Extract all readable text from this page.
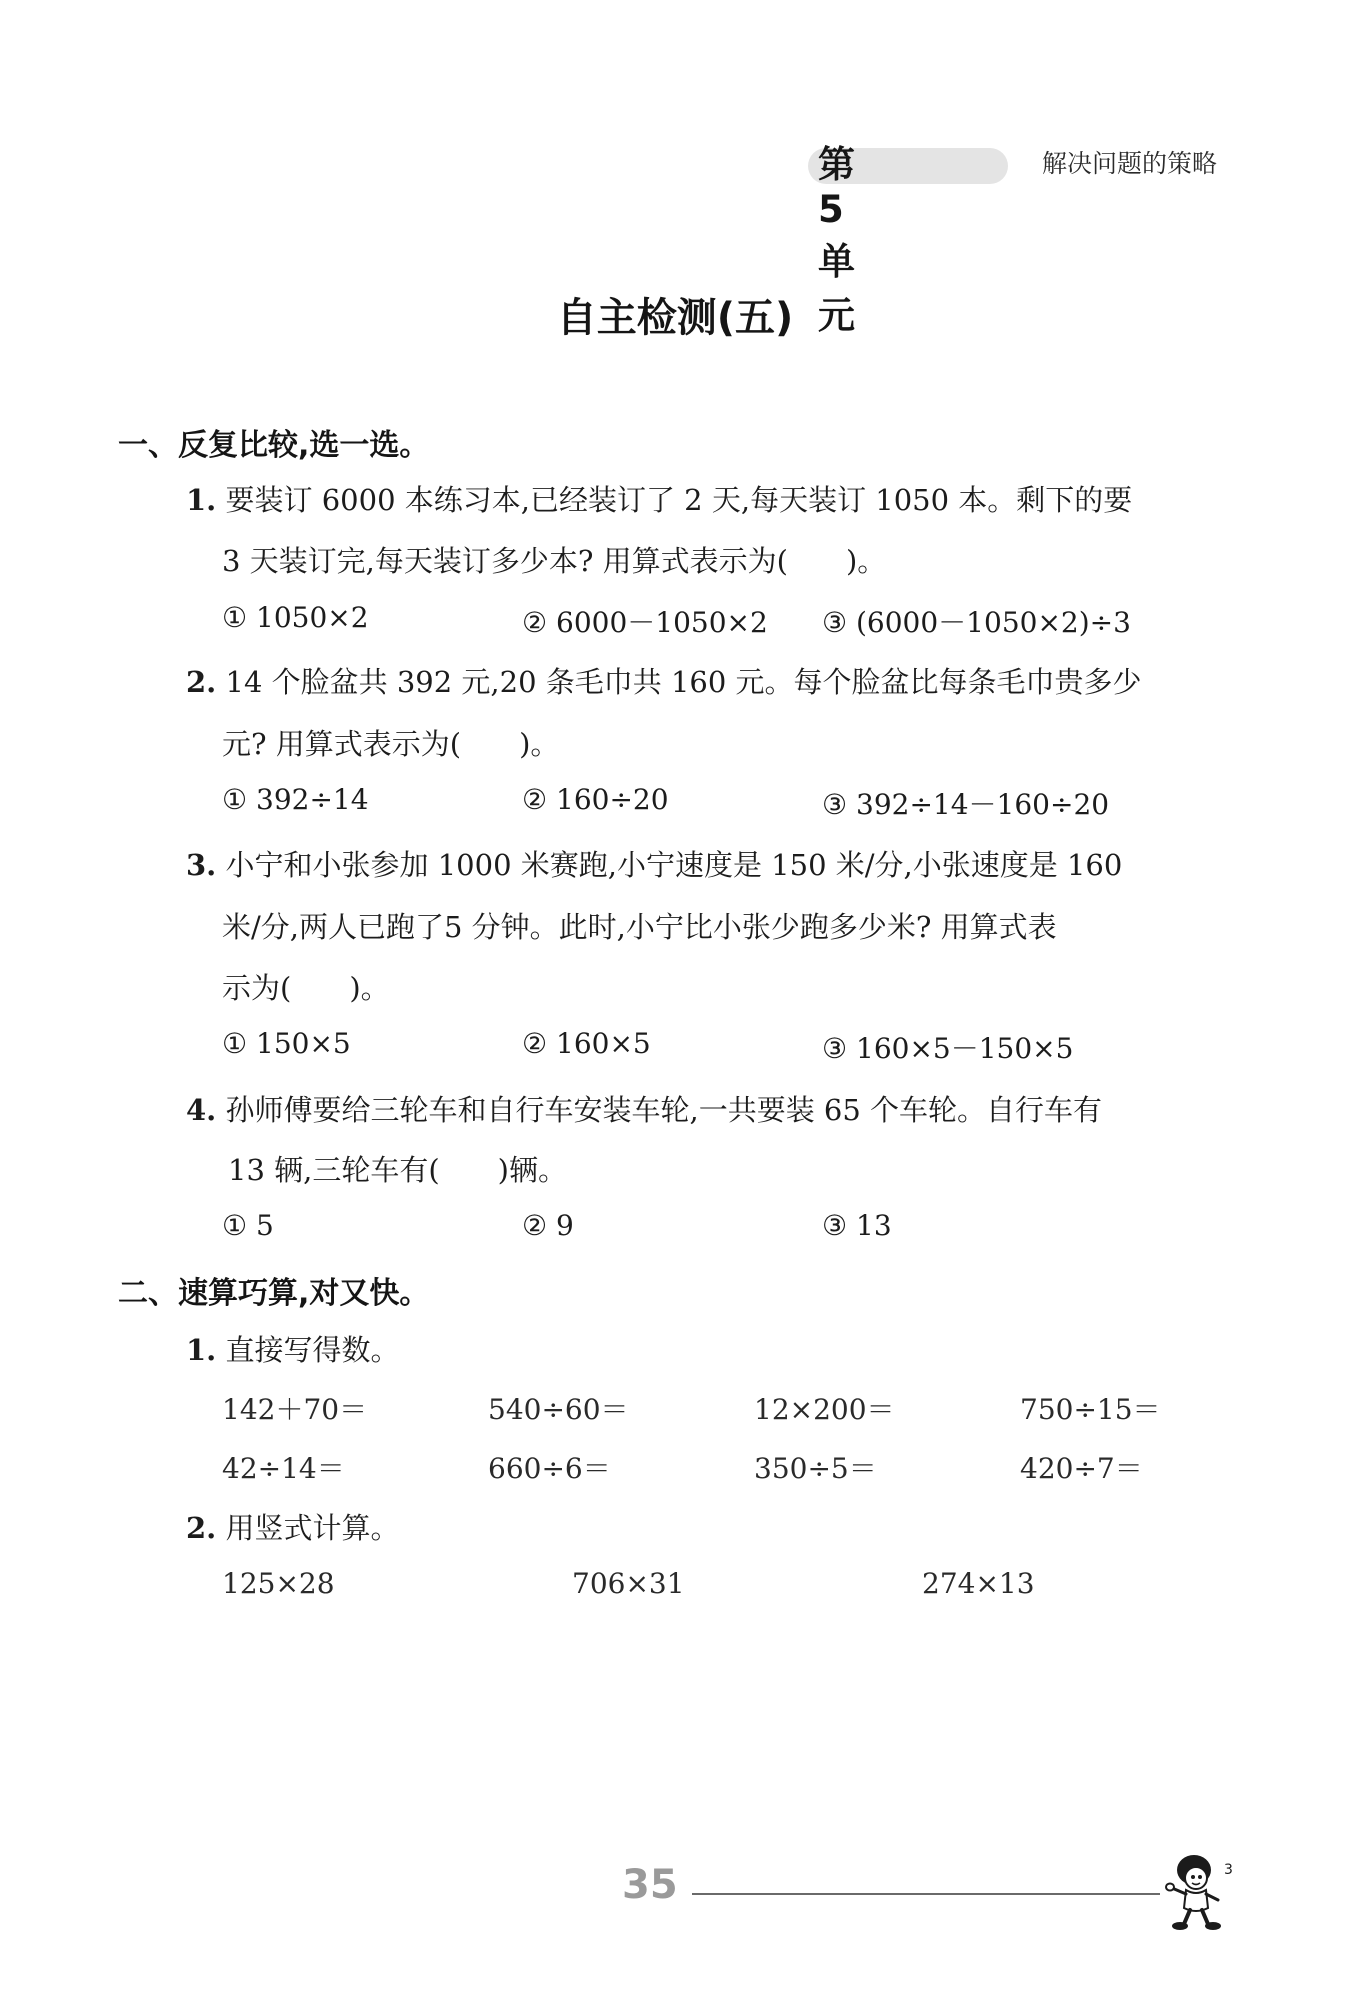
第 5 单元
解决问题的策略
自主检测(五)
一、反复比较,选一选。
1. 要装订 6000 本练习本,已经装订了 2 天,每天装订 1050 本。剩下的要
3 天装订完,每天装订多少本? 用算式表示为(　　)。
① 1050×2	② 6000－1050×2 ③ (6000－1050×2)÷3
2. 14 个脸盆共 392 元,20 条毛巾共 160 元。每个脸盆比每条毛巾贵多少
元? 用算式表示为(　　)。
① 392÷14	② 160÷20	③ 392÷14－160÷20
3. 小宁和小张参加 1000 米赛跑,小宁速度是 150 米/分,小张速度是 160
米/分,两人已跑了5 分钟。此时,小宁比小张少跑多少米? 用算式表
示为(　　)。
① 150×5	② 160×5	③ 160×5－150×5
4. 孙师傅要给三轮车和自行车安装车轮,一共要装 65 个车轮。自行车有
13 辆,三轮车有(　　)辆。
① 5	② 9	③ 13
二、速算巧算,对又快。
1. 直接写得数。
142＋70＝	540÷60＝	12×200＝	750÷15＝
42÷14＝	660÷6＝	350÷5＝	420÷7＝
2. 用竖式计算。
125×28	706×31	274×13
35	3
